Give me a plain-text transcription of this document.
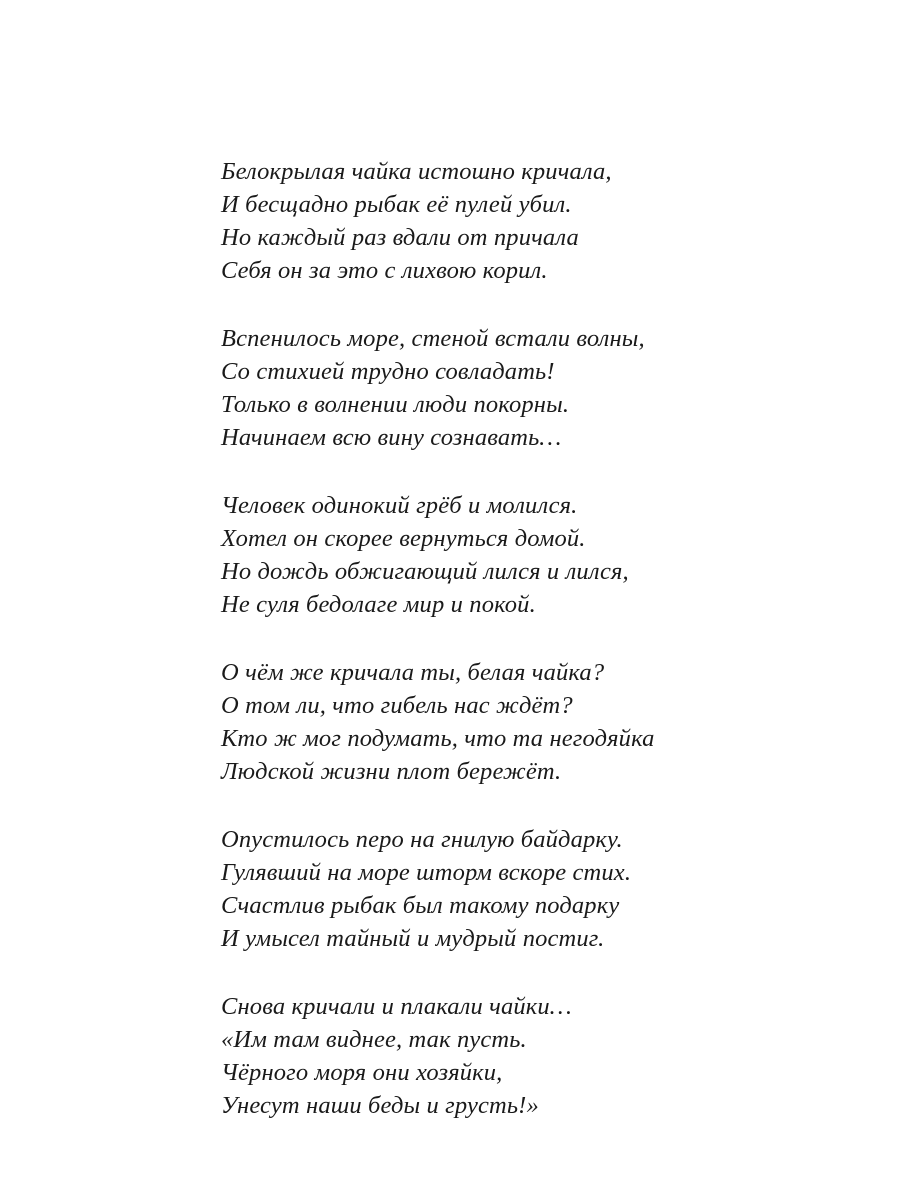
Белокрылая чайка истошно кричала,
И бесщадно рыбак её пулей убил.
Но каждый раз вдали от причала
Себя он за это с лихвою корил.
Вспенилось море, стеной встали волны,
Со стихией трудно совладать!
Только в волнении люди покорны.
Начинаем всю вину сознавать…
Человек одинокий грёб и молился.
Хотел он скорее вернуться домой.
Но дождь обжигающий лился и лился,
Не суля бедолаге мир и покой.
О чём же кричала ты, белая чайка?
О том ли, что гибель нас ждёт?
Кто ж мог подумать, что та негодяйка
Людской жизни плот бережёт.
Опустилось перо на гнилую байдарку.
Гулявший на море шторм вскоре стих.
Счастлив рыбак был такому подарку
И умысел тайный и мудрый постиг.
Снова кричали и плакали чайки…
«Им там виднее, так пусть.
Чёрного моря они хозяйки,
Унесут наши беды и грусть!»
